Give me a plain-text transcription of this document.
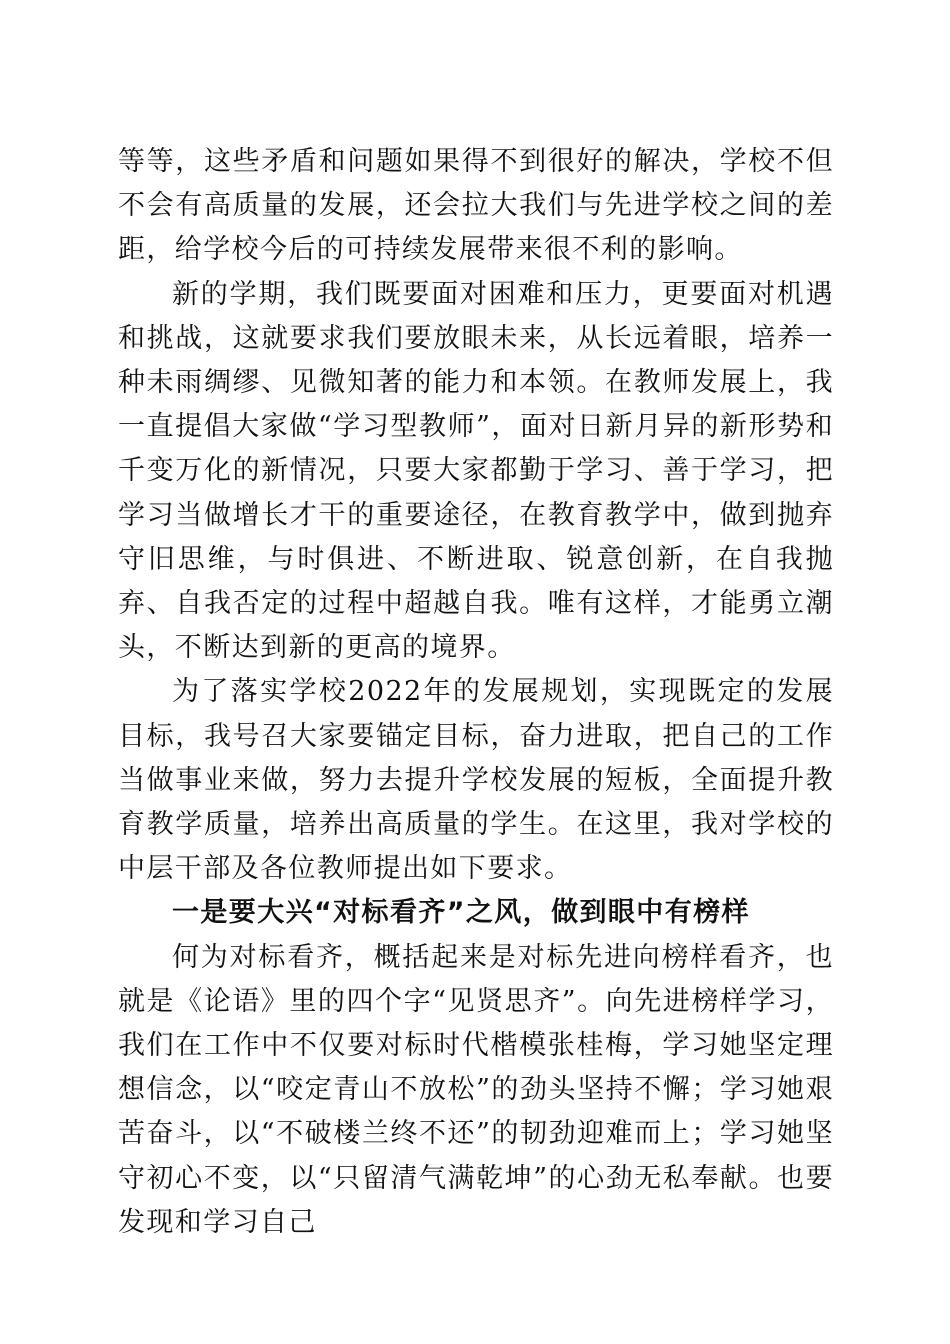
等等，这些矛盾和问题如果得不到很好的解决，学校不但不会有高质量的发展，还会拉大我们与先进学校之间的差距，给学校今后的可持续发展带来很不利的影响。

新的学期，我们既要面对困难和压力，更要面对机遇和挑战，这就要求我们要放眼未来，从长远着眼，培养一种未雨绸缪、见微知著的能力和本领。在教师发展上，我一直提倡大家做“学习型教师”，面对日新月异的新形势和千变万化的新情况，只要大家都勤于学习、善于学习，把学习当做增长才干的重要途径，在教育教学中，做到抛弃守旧思维，与时俱进、不断进取、锐意创新，在自我抛弃、自我否定的过程中超越自我。唯有这样，才能勇立潮头，不断达到新的更高的境界。

为了落实学校2022年的发展规划，实现既定的发展目标，我号召大家要锚定目标，奋力进取，把自己的工作当做事业来做，努力去提升学校发展的短板，全面提升教育教学质量，培养出高质量的学生。在这里，我对学校的中层干部及各位教师提出如下要求。

一是要大兴“对标看齐”之风，做到眼中有榜样

何为对标看齐，概括起来是对标先进向榜样看齐，也就是《论语》里的四个字“见贤思齐”。向先进榜样学习，我们在工作中不仅要对标时代楷模张桂梅，学习她坚定理想信念，以“咬定青山不放松”的劲头坚持不懈；学习她艰苦奋斗，以“不破楼兰终不还”的韧劲迎难而上；学习她坚守初心不变，以“只留清气满乾坤”的心劲无私奉献。也要发现和学习自己
